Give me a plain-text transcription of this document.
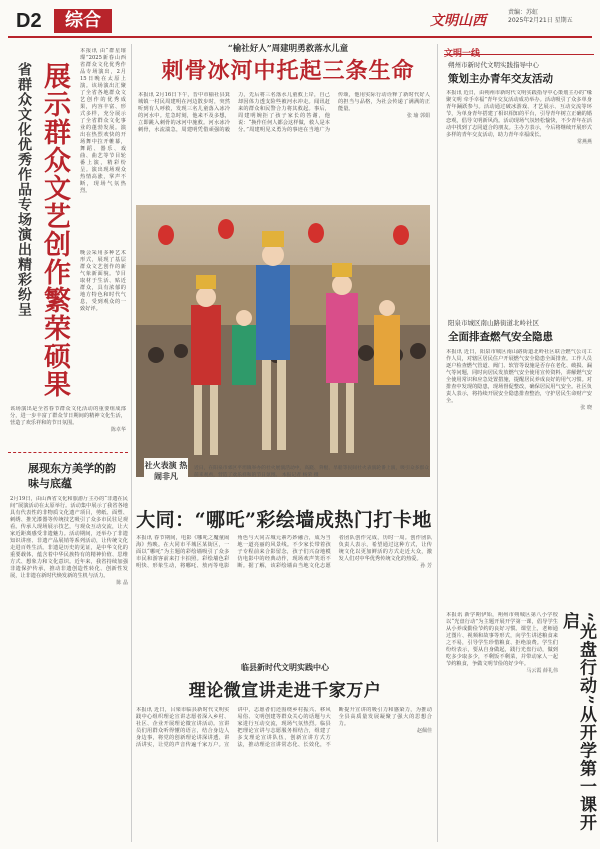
D2	综合	文明山西
责编：苏虹
2025年2月21日 星期五
省群众文化优秀作品专场演出精彩纷呈 展示群众文艺创作繁荣硕果
本报讯 由“群星璀璨”2025新春山西省群众文化优秀作品专场演出，2月15日晚在太原上演。该场演出汇聚了全省各地群众文艺创作的优秀成果，内容丰富、形式多样，充分展示了全省群众文化事业的蓬勃发展。演出在热烈欢快的开场舞中拉开帷幕，舞蹈、器乐、戏曲、曲艺等节目轮番上演，精彩纷呈。演出现场观众热情高涨，掌声不断，现场气氛热烈。
晚会采用多种艺术形式，展现了基层群众文艺创作的新气象新面貌。节目取材于生活、贴近群众，具有浓郁的地方特色和时代气息，受到观众的一致好评。
该场演出是全省春节群众文化活动的重要组成部分，进一步丰富了群众节日期间的精神文化生活，营造了欢乐祥和的节日氛围。
陈卓华
展现东方美学的韵味与底蕴
2月19日，由山西省文化和旅游厅主办的“非遗在民间”展演活动在太原举行。活动集中展示了我省各地具有代表性的非物质文化遗产项目，剪纸、面塑、刺绣、推光漆器等传统技艺吸引了众多市民驻足观看。传承人现场展示技艺，与观众互动交流，让大家近距离感受非遗魅力。活动期间，还举办了非遗知识讲座、非遗产品展销等系列活动，让传统文化走进百姓生活。非遗是历史的见证，是中华文化的重要载体，蕴含着中华民族特有的精神价值、思维方式、想象力和文化意识。近年来，我省持续加强非遗保护传承，推动非遗创造性转化、创新性发展，让非遗在新时代焕发新的生机与活力。
陈 晶
“榆社好人”周建明勇救落水儿童
刺骨冰河中托起三条生命
本报讯 2月16日下午，晋中市榆社县箕城镇一村民周建明在河边散步时，突然听到有人呼救，发现三名儿童落入冰冷的河水中。危急时刻，他来不及多想，立即跳入刺骨的冰河中施救。河水冰冷刺骨，水流湍急，周建明凭借顽强的毅力，先后将三名落水儿童救上岸，自己却因体力透支险些被河水冲走。闻讯赶来的群众和民警合力将其救起。事后，周建明婉拒了孩子家长的答谢，他说：“换作任何人都会这样做，救人是本分。”周建明见义勇为的事迹在当地广为传颂，他用实际行动诠释了新时代好人的担当与品格，为社会传递了满满的正能量。
张 瑜 郭娟
社火表演 热闹非凡
近日，在阳泉市郊区平坦镇举办的社火展演活动中，高跷、背棍、旱船等民间社火表演轮番上演，吸引众多群众前来观看，营造了欢乐祥和的节日氛围。 本报记者 杨荣 摄
大同：“哪吒”彩绘墙成热门打卡地
本报讯 春节期间，电影《哪吒之魔童闹海》热映。在大同市平城区某街区，一面以“哪吒”为主题的彩绘墙吸引了众多市民和游客前来打卡拍照。彩绘墙色彩明快、形象生动，将哪吒、敖丙等电影角色与大同古城元素巧妙融合，成为当地一道亮丽的风景线。不少家长带着孩子专程前来合影留念，孩子们兴奋地模仿电影中的经典动作，现场欢声笑语不断。据了解，该彩绘墙由当地文化志愿者团队创作完成，历时一周。创作团队负责人表示，希望通过这种方式，让传统文化以更加鲜活的方式走近大众，激发人们对中华优秀传统文化的热爱。
孙 芳
临县新时代文明实践中心
理论微宣讲走进千家万户
本报讯 近日，吕梁市临县新时代文明实践中心组织理论宣讲志愿者深入乡村、社区、企业开展理论微宣讲活动。宣讲员们用群众听得懂的语言，结合身边人身边事，将党的创新理论讲深讲透、讲活讲实，让党的声音传遍千家万户。宣讲中，志愿者们还围绕乡村振兴、移风易俗、文明创建等群众关心的话题与大家进行互动交流，现场气氛热烈。临县把理论宣讲与志愿服务相结合，组建了多支理论宣讲队伍，创新宣讲方式方法，推动理论宣讲常态化、长效化，不断提升宣讲的吸引力和感染力，为推动全县高质量发展凝聚了强大的思想合力。
赵佩佳
文明一线
朔州市新时代文明实践指导中心
策划主办青年交友活动
本报讯 近日，由朔州市新时代文明实践指导中心策划主办的“缘聚文明 牵手幸福”青年交友活动成功举办。活动吸引了众多单身青年踊跃参与。活动通过破冰游戏、才艺展示、互动交流等环节，为单身青年搭建了相识相知的平台，引导青年树立正确的婚恋观，倡导文明新风尚。活动现场气氛轻松愉快，不少青年在活动中找到了志同道合的朋友。主办方表示，今后将继续开展形式多样的青年交友活动，助力青年幸福成长。
常燕燕
阳泉市城区南山路街道北岭社区
全面排查燃气安全隐患
本报讯 近日，阳泉市城区南山路街道北岭社区联合燃气公司工作人员，对辖区居民住户开展燃气安全隐患全面排查。工作人员逐户检查燃气管道、阀门、软管等设施是否存在老化、破损、漏气等问题，同时向居民发放燃气安全使用宣传资料，讲解燃气安全使用常识和应急处置措施，提醒居民养成良好的用气习惯。对排查中发现的隐患，现场督促整改，确保居民用气安全。社区负责人表示，将持续开展安全隐患排查整治，守护居民生命财产安全。
张 晓
本报讯 新学期伊始，朔州市朔城区第八小学校以“光盘行动”为主题开展开学第一课，倡导学生从小养成勤俭节约的良好习惯。课堂上，老师通过图片、视频和故事等形式，向学生讲述粮食来之不易，引导学生珍惜粮食、拒绝浪费。学生们纷纷表示，要从自身做起，践行光盘行动，做到吃多少取多少，不剩饭不剩菜，并带动家人一起节约粮食，争做文明节俭的好少年。
马云霞 薛礼伟	“光盘行动”从开学第一课开启
